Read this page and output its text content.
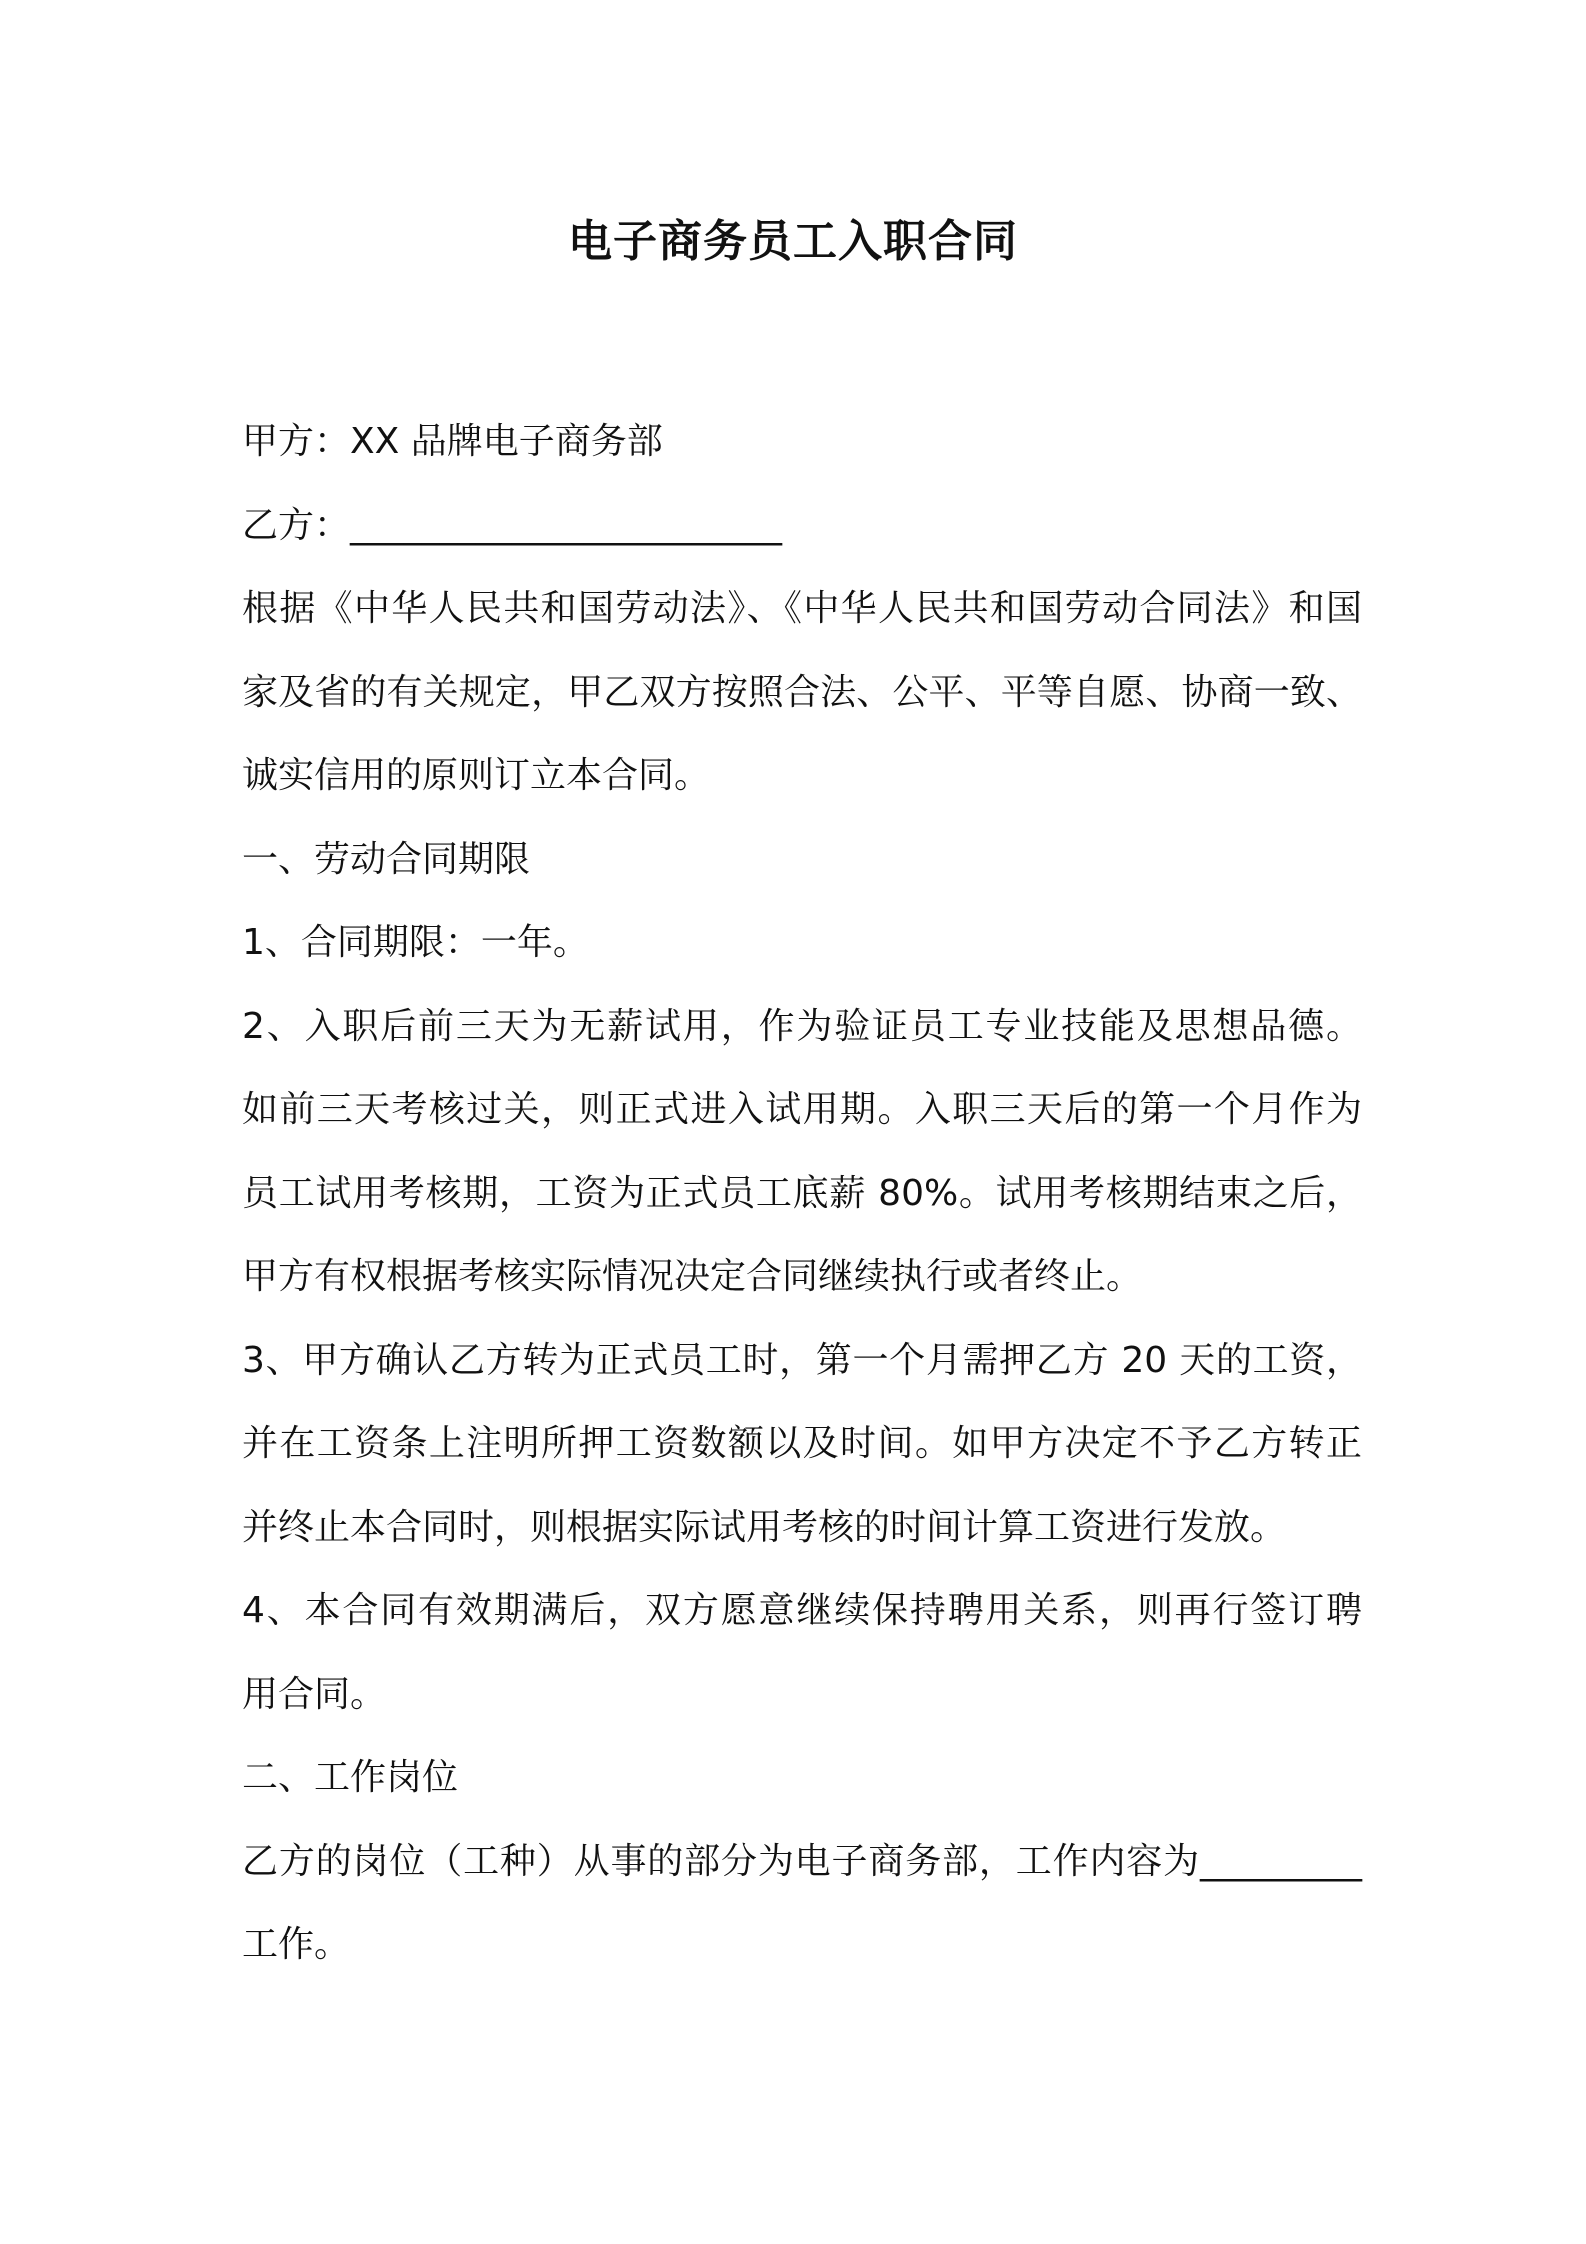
电子商务员工入职合同
甲方：XX 品牌电子商务部
乙方：________________________
根据《中华人民共和国劳动法》、《中华人民共和国劳动合同法》和国
家及省的有关规定，甲乙双方按照合法、公平、平等自愿、协商一致、
诚实信用的原则订立本合同。
一、劳动合同期限
1、合同期限：一年。
2、入职后前三天为无薪试用，作为验证员工专业技能及思想品德。
如前三天考核过关，则正式进入试用期。入职三天后的第一个月作为
员工试用考核期，工资为正式员工底薪 80%。试用考核期结束之后，
甲方有权根据考核实际情况决定合同继续执行或者终止。
3、甲方确认乙方转为正式员工时，第一个月需押乙方 20 天的工资，
并在工资条上注明所押工资数额以及时间。如甲方决定不予乙方转正
并终止本合同时，则根据实际试用考核的时间计算工资进行发放。
4、本合同有效期满后，双方愿意继续保持聘用关系，则再行签订聘
用合同。
二、工作岗位
乙方的岗位（工种）从事的部分为电子商务部，工作内容为_________
工作。
